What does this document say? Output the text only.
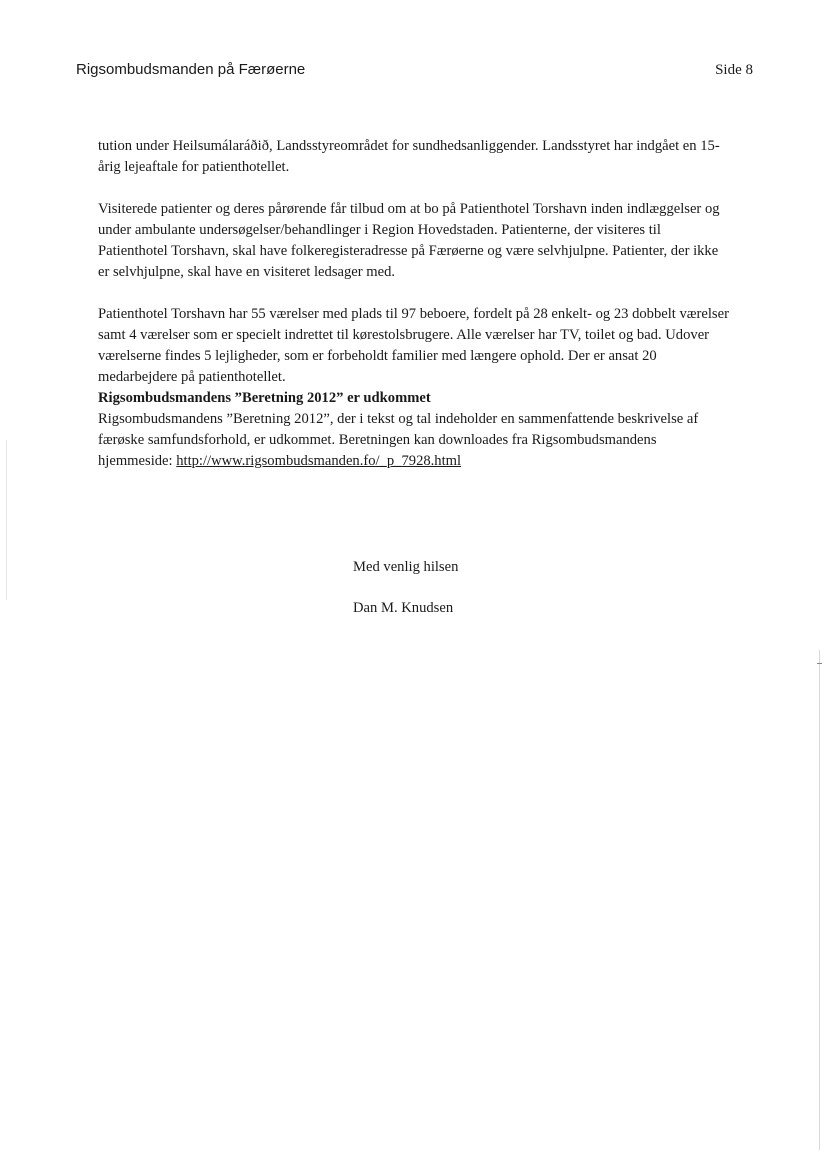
Rigsombudsmanden på Færøerne	Side 8

tution under Heilsumálaráðið, Landsstyreområdet for sundhedsanliggender. Landsstyret har indgået en 15-årig lejeaftale for patienthotellet.

Visiterede patienter og deres pårørende får tilbud om at bo på Patienthotel Torshavn inden indlæggelser og under ambulante undersøgelser/behandlinger i Region Hovedstaden. Patienterne, der visiteres til Patienthotel Torshavn, skal have folkeregisteradresse på Færøerne og være selvhjulpne. Patienter, der ikke er selvhjulpne, skal have en visiteret ledsager med.

Patienthotel Torshavn har 55 værelser med plads til 97 beboere, fordelt på 28 enkelt- og 23 dobbelt værelser samt 4 værelser som er specielt indrettet til kørestolsbrugere. Alle værelser har TV, toilet og bad. Udover værelserne findes 5 lejligheder, som er forbeholdt familier med længere ophold. Der er ansat 20 medarbejdere på patienthotellet.

Rigsombudsmandens ”Beretning 2012” er udkommet

Rigsombudsmandens ”Beretning 2012”, der i tekst og tal indeholder en sammenfattende beskrivelse af færøske samfundsforhold, er udkommet. Beretningen kan downloades fra Rigsombudsmandens hjemmeside: http://www.rigsombudsmanden.fo/_p_7928.html

Med venlig hilsen
Dan M. Knudsen
